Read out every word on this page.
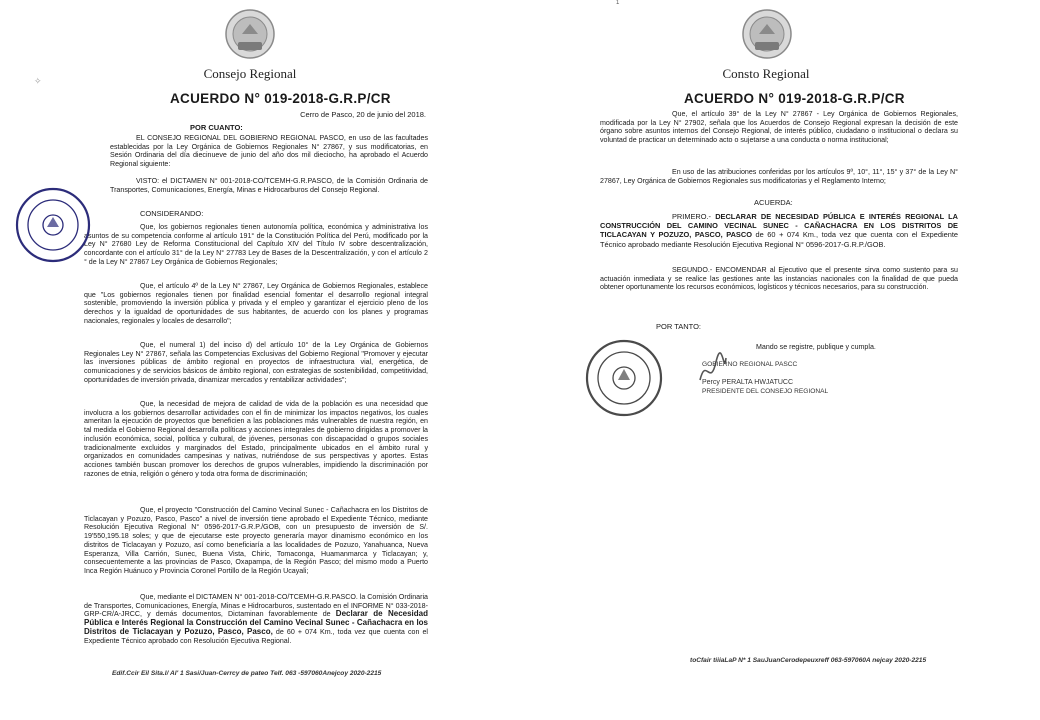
Consejo Regional
ACUERDO N° 019-2018-G.R.P/CR
Cerro de Pasco, 20 de junio del 2018.
POR CUANTO:

EL CONSEJO REGIONAL DEL GOBIERNO REGIONAL PASCO, en uso de las facultades establecidas por la Ley Orgánica de Gobiernos Regionales N° 27867, y sus modificatorias, en Sesión Ordinaria del día diecinueve de junio del año dos mil dieciocho, ha aprobado el Acuerdo Regional siguiente:

VISTO: el DICTAMEN N° 001-2018-CO/TCEMH-G.R.PASCO, de la Comisión Ordinaria de Transportes, Comunicaciones, Energía, Minas e Hidrocarburos del Consejo Regional.

CONSIDERANDO:

Que, los gobiernos regionales tienen autonomía política, económica y administrativa los asuntos de su competencia conforme al artículo 191° de la Constitución Política del Perú, modificado por la Ley N° 27680 Ley de Reforma Constitucional del Capítulo XIV del Título IV sobre descentralización, concordante con el artículo 31° de la Ley N° 27783 Ley de Bases de la Descentralización, y con el artículo 2 ° de la Ley N° 27867 Ley Orgánica de Gobiernos Regionales;

Que, el artículo 4º de la Ley N° 27867, Ley Orgánica de Gobiernos Regionales, establece que "Los gobiernos regionales tienen por finalidad esencial fomentar el desarrollo regional integral sostenible, promoviendo la inversión pública y privada y el empleo y garantizar el ejercicio pleno de los derechos y la igualdad de oportunidades de sus habitantes, de acuerdo con los planes y programas nacionales, regionales y locales de desarrollo";

Que, el numeral 1) del inciso d) del artículo 10° de la Ley Orgánica de Gobiernos Regionales Ley N° 27867, señala las Competencias Exclusivas del Gobierno Regional "Promover y ejecutar las inversiones públicas de ámbito regional en proyectos de infraestructura vial, energética, de comunicaciones y de servicios básicos de ámbito regional, con estrategias de sostenibilidad, competitividad, oportunidades de inversión privada, dinamizar mercados y rentabilizar actividades";

Que, la necesidad de mejora de calidad de vida de la población es una necesidad que involucra a los gobiernos desarrollar actividades con el fin de minimizar los impactos negativos, los cuales ameritan la ejecución de proyectos que beneficien a las poblaciones más vulnerables de nuestra región, en tal medida el Gobierno Regional desarrolla políticas y acciones integrales de gobierno dirigidas a promover la inclusión económica, social, política y cultural, de jóvenes, personas con discapacidad o grupos sociales tradicionalmente excluidos y marginados del Estado, principalmente ubicados en el ámbito rural y organizados en comunidades campesinas y nativas, nutriéndose de sus perspectivas y aportes. Estas acciones también buscan promover los derechos de grupos vulnerables, impidiendo la discriminación por razones de etnia, religión o género y toda otra forma de discriminación;

Que, el proyecto "Construcción del Camino Vecinal Sunec - Cañachacra en los Distritos de Ticlacayan y Pozuzo, Pasco, Pasco" a nivel de inversión tiene aprobado el Expediente Técnico, mediante Resolución Ejecutiva Regional N° 0596-2017-G.R.P./GOB, con un presupuesto de inversión de S/. 19'550,195.18 soles; y que de ejecutarse este proyecto generaría mayor dinamismo económico en los distritos de Ticlacayan y Pozuzo, así como beneficiaría a las localidades de Pozuzo, Yanahuanca, Nueva Esperanza, Villa Carrión, Sunec, Buena Vista, Chiric, Tomaconga, Huamanmarca y Ticlacayan; y, consecuentemente a las provincias de Pasco, Oxapampa, de la Región Pasco; del mismo modo a Puerto Inca Región Huánuco y Provincia Coronel Portillo de la Región Ucayali;

Que, mediante el DICTAMEN N° 001-2018-CO/TCEMH-G.R.PASCO. la Comisión Ordinaria de Transportes, Comunicaciones, Energía, Minas e Hidrocarburos, sustentado en el INFORME N° 033-2018-GRP-CR/A-JRCC, y demás documentos, Dictaminan favorablemente de Declarar de Necesidad Pública e Interés Regional la Construcción del Camino Vecinal Sunec - Cañachacra en los Distritos de Ticlacayan y Pozuzo, Pasco, Pasco, de 60 + 074 Km., toda vez que cuenta con el Expediente Técnico aprobado con Resolución Ejecutiva Regional.

Edif.Ccir Eil Sita.l/ Al' 1 Sasi/Juan-Cerrcy de pateo Telf. 063 -597060Anejcoy 2020-2215
✧
1
Consto Regional
ACUERDO N° 019-2018-G.R.P/CR

Que, el artículo 39° de la Ley N° 27867 - Ley Orgánica de Gobiernos Regionales, modificada por la Ley N° 27902, señala que los Acuerdos de Consejo Regional expresan la decisión de este órgano sobre asuntos internos del Consejo Regional, de interés público, ciudadano o institucional o declara su voluntad de practicar un determinado acto o sujetarse a una conducta o norma institucional;

En uso de las atribuciones conferidas por los artículos 9º, 10°, 11°, 15° y 37° de la Ley N° 27867, Ley Orgánica de Gobiernos Regionales sus modificatorias y el Reglamento Interno;

ACUERDA:

PRIMERO.- DECLARAR DE NECESIDAD PÚBLICA E INTERÉS REGIONAL LA CONSTRUCCIÓN DEL CAMINO VECINAL SUNEC - CAÑACHACRA EN LOS DISTRITOS DE TICLACAYAN Y POZUZO, PASCO, PASCO de 60 + 074 Km., toda vez que cuenta con el Expediente Técnico aprobado mediante Resolución Ejecutiva Regional N° 0596-2017-G.R.P./GOB.

SEGUNDO.- ENCOMENDAR al Ejecutivo que el presente sirva como sustento para su actuación inmediata y se realice las gestiones ante las instancias nacionales con la finalidad de que pueda obtener oportunamente los recursos económicos, logísticos y técnicos necesarios, para su construcción.

POR TANTO:
Mando se registre, publique y cumpla.
GOBIERNO REGIONAL PASCC
Percy PERALTA HWJATUCC
PRESIDENTE DEL CONSEJO REGIONAL
toCfair tiiiaLaP N* 1 SauJuanCerodepeuxreff 063-597060A nejcay 2020-2215
